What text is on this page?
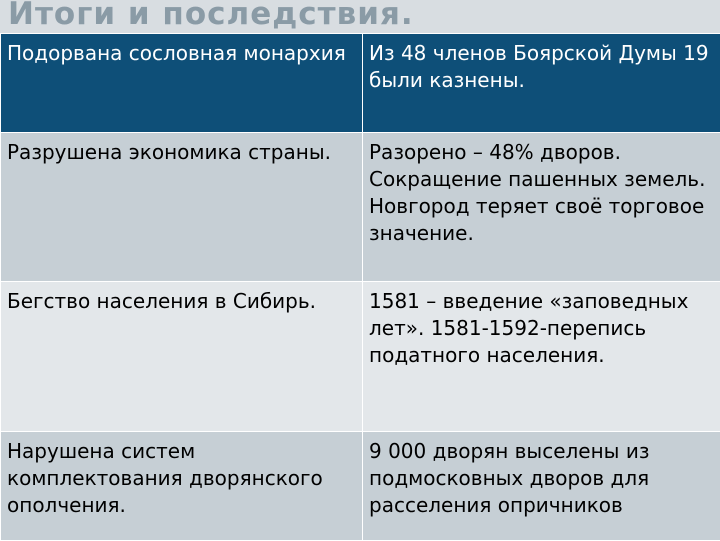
Итоги и последствия.
Подорвана сословная монархия	Из 48 членов Боярской Думы 19 были казнены.
Разрушена экономика страны.	Разорено – 48% дворов. Сокращение пашенных земель. Новгород теряет своё торговое значение.
Бегство населения в Сибирь.	1581 – введение «заповедных лет». 1581-1592-перепись податного населения.
Нарушена систем комплектования дворянского ополчения.	9 000 дворян выселены из подмосковных дворов для расселения опричников
